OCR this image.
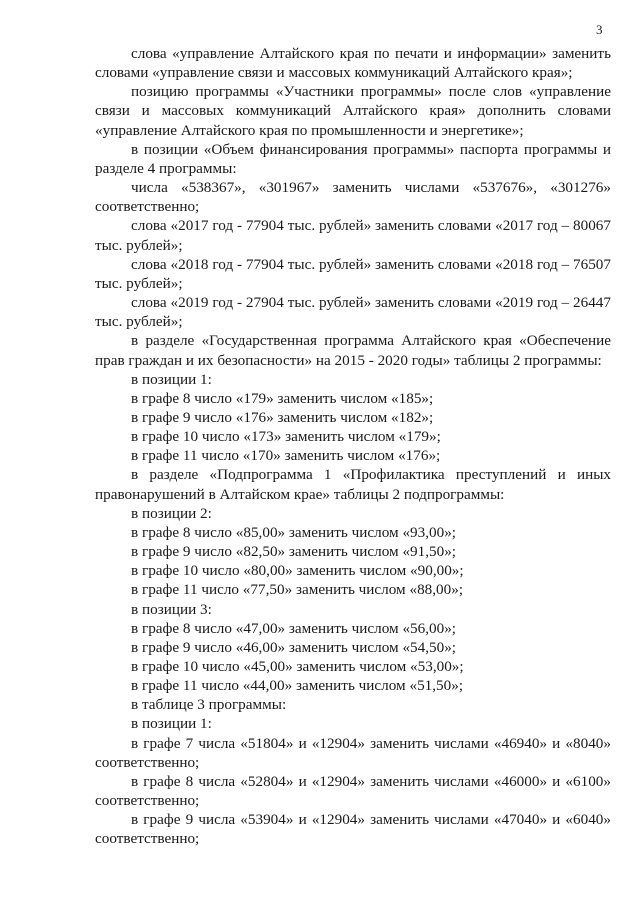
3

слова «управление Алтайского края по печати и информации» заменить словами «управление связи и массовых коммуникаций Алтайского края»;

позицию программы «Участники программы» после слов «управление связи и массовых коммуникаций Алтайского края» дополнить словами «управление Алтайского края по промышленности и энергетике»;

в позиции «Объем финансирования программы» паспорта программы и разделе 4 программы:

числа «538367», «301967» заменить числами «537676», «301276» соответственно;

слова «2017 год - 77904 тыс. рублей» заменить словами «2017 год – 80067 тыс. рублей»;

слова «2018 год - 77904 тыс. рублей» заменить словами «2018 год – 76507 тыс. рублей»;

слова «2019 год - 27904 тыс. рублей» заменить словами «2019 год – 26447 тыс. рублей»;

в разделе «Государственная программа Алтайского края «Обеспечение прав граждан и их безопасности» на 2015 - 2020 годы» таблицы 2 программы:

в позиции 1:

в графе 8 число «179» заменить числом «185»;

в графе 9 число «176» заменить числом «182»;

в графе 10 число «173» заменить числом «179»;

в графе 11 число «170» заменить числом «176»;

в разделе «Подпрограмма 1 «Профилактика преступлений и иных правонарушений в Алтайском крае» таблицы 2 подпрограммы:

в позиции 2:

в графе 8 число «85,00» заменить числом «93,00»;

в графе 9 число «82,50» заменить числом «91,50»;

в графе 10 число «80,00» заменить числом «90,00»;

в графе 11 число «77,50» заменить числом «88,00»;

в позиции 3:

в графе 8 число «47,00» заменить числом «56,00»;

в графе 9 число «46,00» заменить числом «54,50»;

в графе 10 число «45,00» заменить числом «53,00»;

в графе 11 число «44,00» заменить числом «51,50»;

в таблице 3 программы:

в позиции 1:

в графе 7 числа «51804» и «12904» заменить числами «46940» и «8040» соответственно;

в графе 8 числа «52804» и «12904» заменить числами «46000» и «6100» соответственно;

в графе 9 числа «53904» и «12904» заменить числами «47040» и «6040» соответственно;
